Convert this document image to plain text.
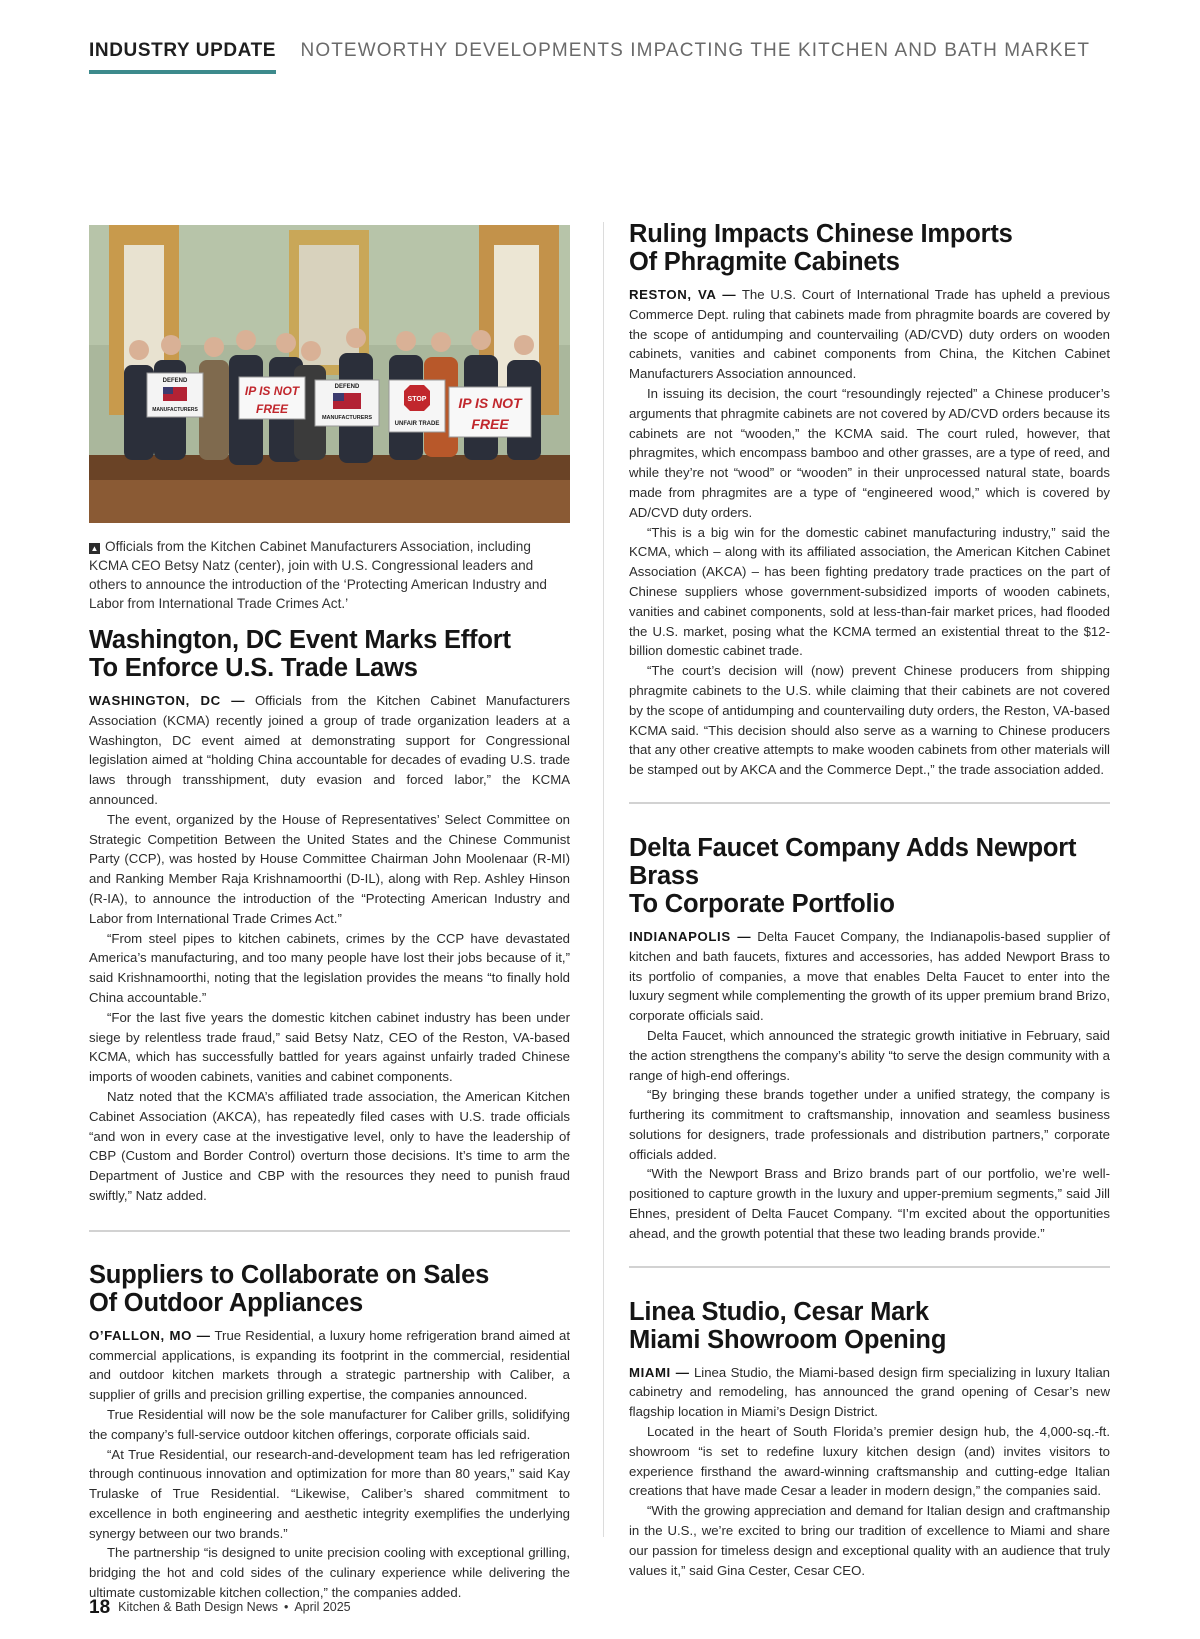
INDUSTRY UPDATE NOTEWORTHY DEVELOPMENTS IMPACTING THE KITCHEN AND BATH MARKET
DEFEND
MANUFACTURERS
IP IS NOT
FREE
DEFEND
MANUFACTURERS
STOP
UNFAIR TRADE
IP IS NOT
FREE
▲ Officials from the Kitchen Cabinet Manufacturers Association, including KCMA CEO Betsy Natz (center), join with U.S. Congressional leaders and others to announce the introduction of the ‘Protecting American Industry and Labor from International Trade Crimes Act.’
Washington, DC Event Marks Effort
To Enforce U.S. Trade Laws

WASHINGTON, DC — Officials from the Kitchen Cabinet Manufacturers Association (KCMA) recently joined a group of trade organization leaders at a Washington, DC event aimed at demonstrating support for Congressional legislation aimed at “holding China accountable for decades of evading U.S. trade laws through transshipment, duty evasion and forced labor,” the KCMA announced.

The event, organized by the House of Representatives’ Select Committee on Strategic Competition Between the United States and the Chinese Communist Party (CCP), was hosted by House Committee Chairman John Moolenaar (R-MI) and Ranking Member Raja Krishnamoorthi (D-IL), along with Rep. Ashley Hinson (R-IA), to announce the introduction of the “Protecting American Industry and Labor from International Trade Crimes Act.”

“From steel pipes to kitchen cabinets, crimes by the CCP have devastated America’s manufacturing, and too many people have lost their jobs because of it,” said Krishnamoorthi, noting that the legislation provides the means “to finally hold China accountable.”

“For the last five years the domestic kitchen cabinet industry has been under siege by relentless trade fraud,” said Betsy Natz, CEO of the Reston, VA-based KCMA, which has successfully battled for years against unfairly traded Chinese imports of wooden cabinets, vanities and cabinet components.

Natz noted that the KCMA’s affiliated trade association, the American Kitchen Cabinet Association (AKCA), has repeatedly filed cases with U.S. trade officials “and won in every case at the investigative level, only to have the leadership of CBP (Custom and Border Control) overturn those decisions. It’s time to arm the Department of Justice and CBP with the resources they need to punish fraud swiftly,” Natz added.

Suppliers to Collaborate on Sales
Of Outdoor Appliances

O’FALLON, MO — True Residential, a luxury home refrigeration brand aimed at commercial applications, is expanding its footprint in the commercial, residential and outdoor kitchen markets through a strategic partnership with Caliber, a supplier of grills and precision grilling expertise, the companies announced.

True Residential will now be the sole manufacturer for Caliber grills, solidifying the company’s full-service outdoor kitchen offerings, corporate officials said.

“At True Residential, our research-and-development team has led refrigeration through continuous innovation and optimization for more than 80 years,” said Kay Trulaske of True Residential. “Likewise, Caliber’s shared commitment to excellence in both engineering and aesthetic integrity exemplifies the underlying synergy between our two brands.”

The partnership “is designed to unite precision cooling with exceptional grilling, bridging the hot and cold sides of the culinary experience while delivering the ultimate customizable kitchen collection,” the companies added.

Ruling Impacts Chinese Imports
Of Phragmite Cabinets

RESTON, VA — The U.S. Court of International Trade has upheld a previous Commerce Dept. ruling that cabinets made from phragmite boards are covered by the scope of antidumping and countervailing (AD/CVD) duty orders on wooden cabinets, vanities and cabinet components from China, the Kitchen Cabinet Manufacturers Association announced.

In issuing its decision, the court “resoundingly rejected” a Chinese producer’s arguments that phragmite cabinets are not covered by AD/CVD orders because its cabinets are not “wooden,” the KCMA said. The court ruled, however, that phragmites, which encompass bamboo and other grasses, are a type of reed, and while they’re not “wood” or “wooden” in their unprocessed natural state, boards made from phragmites are a type of “engineered wood,” which is covered by AD/CVD duty orders.

“This is a big win for the domestic cabinet manufacturing industry,” said the KCMA, which – along with its affiliated association, the American Kitchen Cabinet Association (AKCA) – has been fighting predatory trade practices on the part of Chinese suppliers whose government-subsidized imports of wooden cabinets, vanities and cabinet components, sold at less-than-fair market prices, had flooded the U.S. market, posing what the KCMA termed an existential threat to the $12-billion domestic cabinet trade.

“The court’s decision will (now) prevent Chinese producers from shipping phragmite cabinets to the U.S. while claiming that their cabinets are not covered by the scope of antidumping and countervailing duty orders, the Reston, VA-based KCMA said. “This decision should also serve as a warning to Chinese producers that any other creative attempts to make wooden cabinets from other materials will be stamped out by AKCA and the Commerce Dept.,” the trade association added.

Delta Faucet Company Adds Newport Brass
To Corporate Portfolio

INDIANAPOLIS — Delta Faucet Company, the Indianapolis-based supplier of kitchen and bath faucets, fixtures and accessories, has added Newport Brass to its portfolio of companies, a move that enables Delta Faucet to enter into the luxury segment while complementing the growth of its upper premium brand Brizo, corporate officials said.

Delta Faucet, which announced the strategic growth initiative in February, said the action strengthens the company’s ability “to serve the design community with a range of high-end offerings.

“By bringing these brands together under a unified strategy, the company is furthering its commitment to craftsmanship, innovation and seamless business solutions for designers, trade professionals and distribution partners,” corporate officials added.

“With the Newport Brass and Brizo brands part of our portfolio, we’re well-positioned to capture growth in the luxury and upper-premium segments,” said Jill Ehnes, president of Delta Faucet Company. “I’m excited about the opportunities ahead, and the growth potential that these two leading brands provide.”

Linea Studio, Cesar Mark
Miami Showroom Opening

MIAMI — Linea Studio, the Miami-based design firm specializing in luxury Italian cabinetry and remodeling, has announced the grand opening of Cesar’s new flagship location in Miami’s Design District.

Located in the heart of South Florida’s premier design hub, the 4,000-sq.-ft. showroom “is set to redefine luxury kitchen design (and) invites visitors to experience firsthand the award-winning craftsmanship and cutting-edge Italian creations that have made Cesar a leader in modern design,” the companies said.

“With the growing appreciation and demand for Italian design and craftmanship in the U.S., we’re excited to bring our tradition of excellence to Miami and share our passion for timeless design and exceptional quality with an audience that truly values it,” said Gina Cester, Cesar CEO.

18 Kitchen & Bath Design News • April 2025
